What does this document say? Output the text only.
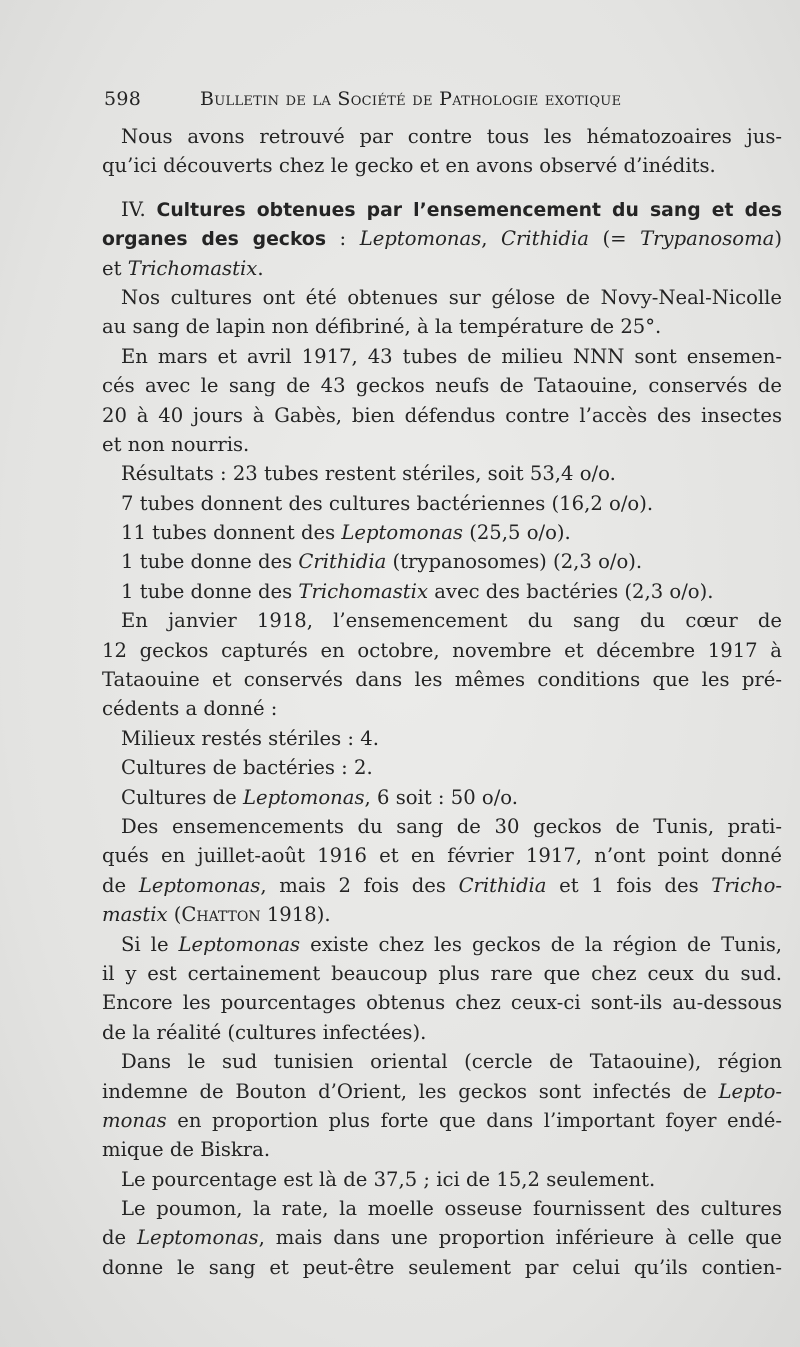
598	Bulletin de la Société de Pathologie exotique
Nous avons retrouvé par contre tous les hématozoaires jus-
qu’ici découverts chez le gecko et en avons observé d’inédits.
IV. Cultures obtenues par l’ensemencement du sang et des
organes des geckos : Leptomonas, Crithidia (= Trypanosoma)
et Trichomastix.
Nos cultures ont été obtenues sur gélose de Novy-Neal-Nicolle
au sang de lapin non défibriné, à la température de 25°.
En mars et avril 1917, 43 tubes de milieu NNN sont ensemen-
cés avec le sang de 43 geckos neufs de Tataouine, conservés de
20 à 40 jours à Gabès, bien défendus contre l’accès des insectes
et non nourris.
Résultats : 23 tubes restent stériles, soit 53,4 o/o.
7 tubes donnent des cultures bactériennes (16,2 o/o).
11 tubes donnent des Leptomonas (25,5 o/o).
1 tube donne des Crithidia (trypanosomes) (2,3 o/o).
1 tube donne des Trichomastix avec des bactéries (2,3 o/o).
En janvier 1918, l’ensemencement du sang du cœur de
12 geckos capturés en octobre, novembre et décembre 1917 à
Tataouine et conservés dans les mêmes conditions que les pré-
cédents a donné :
Milieux restés stériles : 4.
Cultures de bactéries : 2.
Cultures de Leptomonas, 6 soit : 50 o/o.
Des ensemencements du sang de 30 geckos de Tunis, prati-
qués en juillet-août 1916 et en février 1917, n’ont point donné
de Leptomonas, mais 2 fois des Crithidia et 1 fois des Tricho-
mastix (Chatton 1918).
Si le Leptomonas existe chez les geckos de la région de Tunis,
il y est certainement beaucoup plus rare que chez ceux du sud.
Encore les pourcentages obtenus chez ceux-ci sont-ils au-dessous
de la réalité (cultures infectées).
Dans le sud tunisien oriental (cercle de Tataouine), région
indemne de Bouton d’Orient, les geckos sont infectés de Lepto-
monas en proportion plus forte que dans l’important foyer endé-
mique de Biskra.
Le pourcentage est là de 37,5 ; ici de 15,2 seulement.
Le poumon, la rate, la moelle osseuse fournissent des cultures
de Leptomonas, mais dans une proportion inférieure à celle que
donne le sang et peut-être seulement par celui qu’ils contien-
